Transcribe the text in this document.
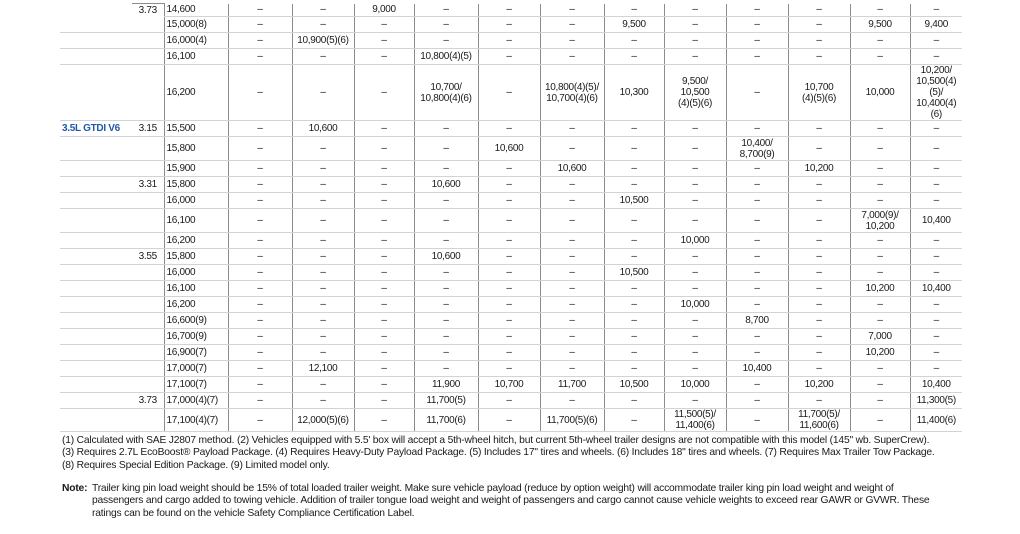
	3.73	14,600	–	–	9,000	–	–	–	–	–	–	–	–	–
		15,000(8)	–	–	–	–	–	–	9,500	–	–	–	9,500	9,400
		16,000(4)	–	10,900(5)(6)	–	–	–	–	–	–	–	–	–	–
		16,100	–	–	–	10,800(4)(5)	–	–	–	–	–	–	–	–
		16,200	–	–	–	10,700/
10,800(4)(6)	–	10,800(4)(5)/
10,700(4)(6)	10,300	9,500/
10,500
(4)(5)(6)	–	10,700
(4)(5)(6)	10,000	10,200/
10,500(4)(5)/
10,400(4)(6)
3.5L GTDI V6	3.15	15,500	–	10,600	–	–	–	–	–	–	–	–	–	–
		15,800	–	–	–	–	10,600	–	–	–	10,400/
8,700(9)	–	–	–
		15,900	–	–	–	–	–	10,600	–	–	–	10,200	–	–
	3.31	15,800	–	–	–	10,600	–	–	–	–	–	–	–	–
		16,000	–	–	–	–	–	–	10,500	–	–	–	–	–
		16,100	–	–	–	–	–	–	–	–	–	–	7,000(9)/
10,200	10,400
		16,200	–	–	–	–	–	–	–	10,000	–	–	–	–
	3.55	15,800	–	–	–	10,600	–	–	–	–	–	–	–	–
		16,000	–	–	–	–	–	–	10,500	–	–	–	–	–
		16,100	–	–	–	–	–	–	–	–	–	–	10,200	10,400
		16,200	–	–	–	–	–	–	–	10,000	–	–	–	–
		16,600(9)	–	–	–	–	–	–	–	–	8,700	–	–	–
		16,700(9)	–	–	–	–	–	–	–	–	–	–	7,000	–
		16,900(7)	–	–	–	–	–	–	–	–	–	–	10,200	–
		17,000(7)	–	12,100	–	–	–	–	–	–	10,400	–	–	–
		17,100(7)	–	–	–	11,900	10,700	11,700	10,500	10,000	–	10,200	–	10,400
	3.73	17,000(4)(7)	–	–	–	11,700(5)	–	–	–	–	–	–	–	11,300(5)
		17,100(4)(7)	–	12,000(5)(6)	–	11,700(6)	–	11,700(5)(6)	–	11,500(5)/
11,400(6)	–	11,700(5)/
11,600(6)	–	11,400(6)

(1) Calculated with SAE J2807 method. (2) Vehicles equipped with 5.5' box will accept a 5th-wheel hitch, but current 5th-wheel trailer designs are not compatible with this model (145" wb. SuperCrew).

(3) Requires 2.7L EcoBoost® Payload Package. (4) Requires Heavy-Duty Payload Package. (5) Includes 17" tires and wheels. (6) Includes 18" tires and wheels. (7) Requires Max Trailer Tow Package.

(8) Requires Special Edition Package. (9) Limited model only.

Note: Trailer king pin load weight should be 15% of total loaded trailer weight. Make sure vehicle payload (reduce by option weight) will accommodate trailer king pin load weight and weight of

passengers and cargo added to towing vehicle. Addition of trailer tongue load weight and weight of passengers and cargo cannot cause vehicle weights to exceed rear GAWR or GVWR. These

ratings can be found on the vehicle Safety Compliance Certification Label.
